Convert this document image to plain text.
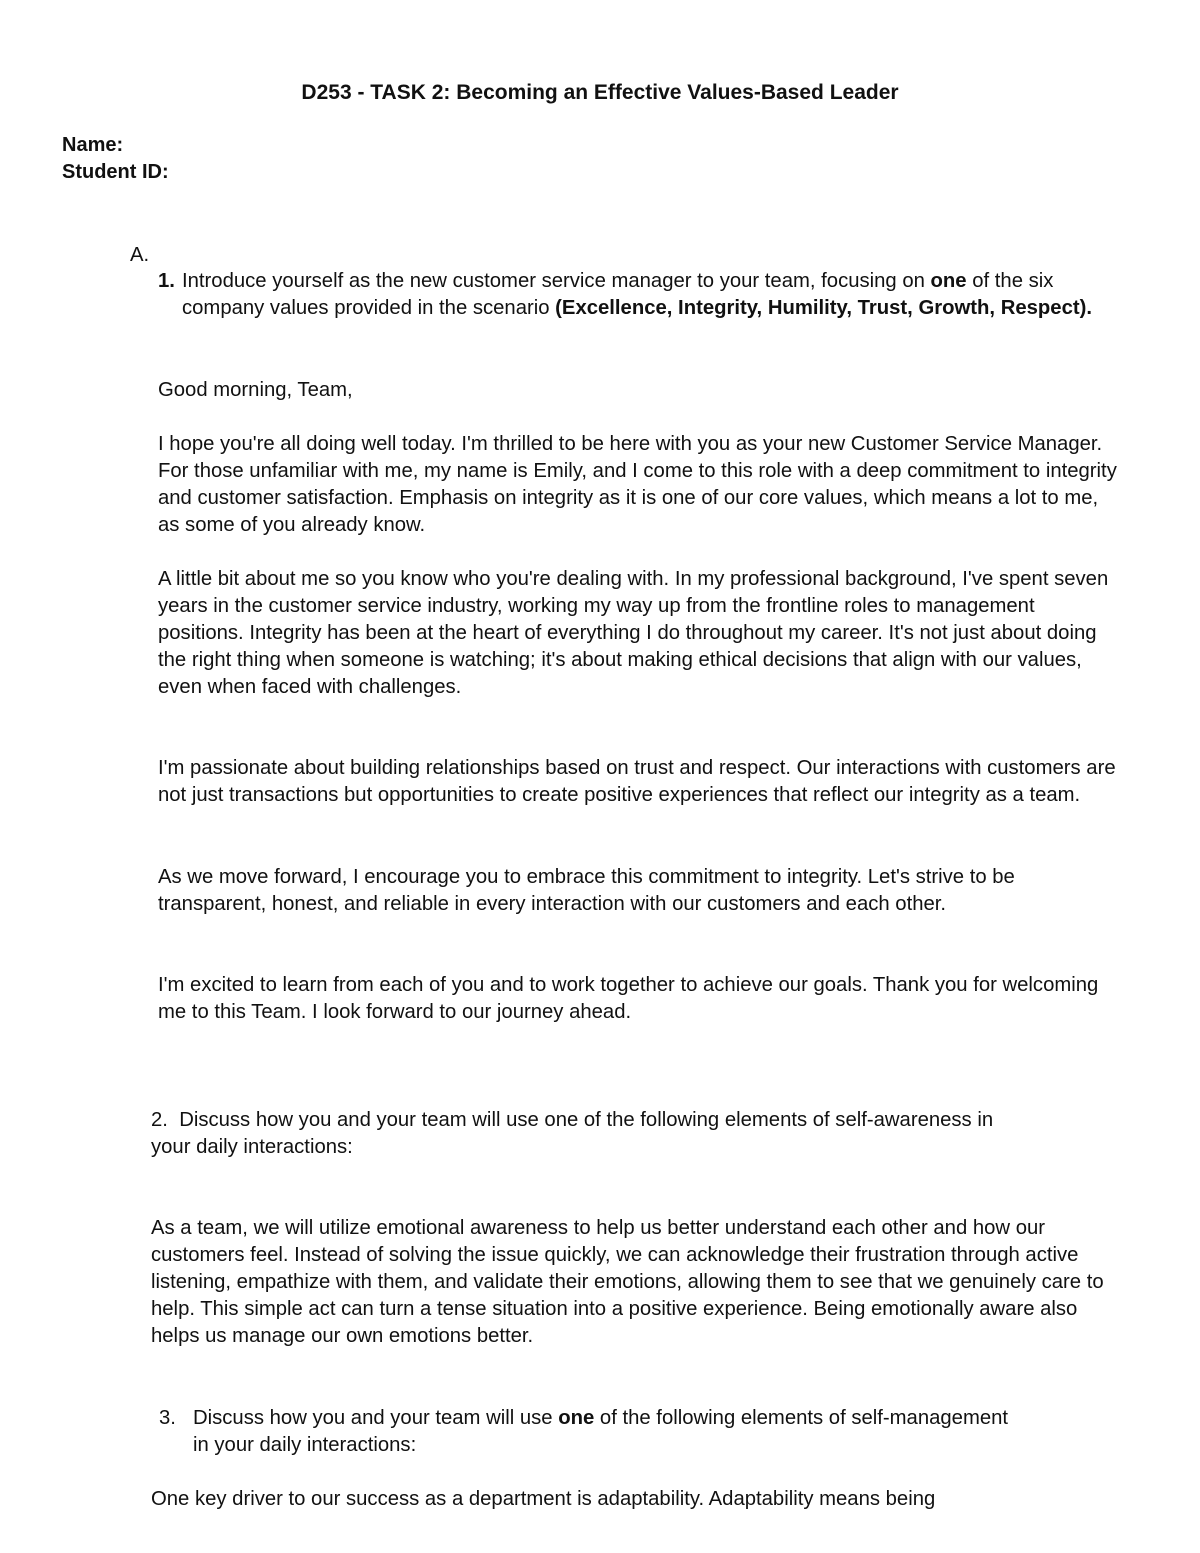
D253 - TASK 2: Becoming an Effective Values-Based Leader
Name:
Student ID:
A.
1. Introduce yourself as the new customer service manager to your team, focusing on one of the six company values provided in the scenario (Excellence, Integrity, Humility, Trust, Growth, Respect).

Good morning, Team,

I hope you're all doing well today. I'm thrilled to be here with you as your new Customer Service Manager. For those unfamiliar with me, my name is Emily, and I come to this role with a deep commitment to integrity and customer satisfaction. Emphasis on integrity as it is one of our core values, which means a lot to me, as some of you already know.

A little bit about me so you know who you're dealing with. In my professional background, I've spent seven years in the customer service industry, working my way up from the frontline roles to management positions. Integrity has been at the heart of everything I do throughout my career. It's not just about doing the right thing when someone is watching; it's about making ethical decisions that align with our values, even when faced with challenges.

I'm passionate about building relationships based on trust and respect. Our interactions with customers are not just transactions but opportunities to create positive experiences that reflect our integrity as a team.

As we move forward, I encourage you to embrace this commitment to integrity. Let's strive to be transparent, honest, and reliable in every interaction with our customers and each other.

I'm excited to learn from each of you and to work together to achieve our goals. Thank you for welcoming me to this Team. I look forward to our journey ahead.

2. Discuss how you and your team will use one of the following elements of self-awareness in your daily interactions:

As a team, we will utilize emotional awareness to help us better understand each other and how our customers feel. Instead of solving the issue quickly, we can acknowledge their frustration through active listening, empathize with them, and validate their emotions, allowing them to see that we genuinely care to help. This simple act can turn a tense situation into a positive experience. Being emotionally aware also helps us manage our own emotions better.

3. Discuss how you and your team will use one of the following elements of self-management in your daily interactions:

One key driver to our success as a department is adaptability. Adaptability means being
